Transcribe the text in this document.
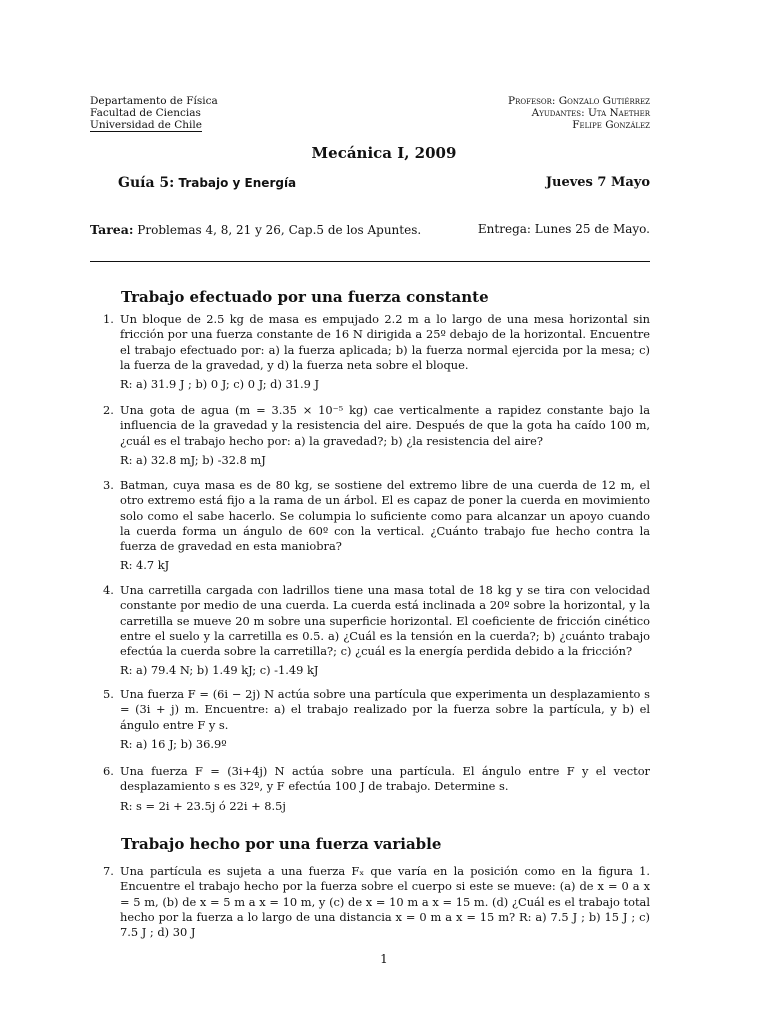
Departamento de Física
Facultad de Ciencias
Universidad de Chile
Profesor: Gonzalo Gutiérrez
Ayudantes: Uta Naether
Felipe González
Mecánica I, 2009
Guía 5: Trabajo y Energía	Jueves 7 Mayo
Tarea: Problemas 4, 8, 21 y 26, Cap.5 de los Apuntes.	Entrega: Lunes 25 de Mayo.
Trabajo efectuado por una fuerza constante
1. Un bloque de 2.5 kg de masa es empujado 2.2 m a lo largo de una mesa horizontal sin fricción por una fuerza constante de 16 N dirigida a 25º debajo de la horizontal. Encuentre el trabajo efectuado por: a) la fuerza aplicada; b) la fuerza normal ejercida por la mesa; c) la fuerza de la gravedad, y d) la fuerza neta sobre el bloque.
R: a) 31.9 J ; b) 0 J; c) 0 J; d) 31.9 J
2. Una gota de agua (m = 3.35 × 10⁻⁵ kg) cae verticalmente a rapidez constante bajo la influencia de la gravedad y la resistencia del aire. Después de que la gota ha caído 100 m, ¿cuál es el trabajo hecho por: a) la gravedad?; b) ¿la resistencia del aire?
R: a) 32.8 mJ; b) -32.8 mJ
3. Batman, cuya masa es de 80 kg, se sostiene del extremo libre de una cuerda de 12 m, el otro extremo está fijo a la rama de un árbol. El es capaz de poner la cuerda en movimiento solo como el sabe hacerlo. Se columpia lo suficiente como para alcanzar un apoyo cuando la cuerda forma un ángulo de 60º con la vertical. ¿Cuánto trabajo fue hecho contra la fuerza de gravedad en esta maniobra?
R: 4.7 kJ
4. Una carretilla cargada con ladrillos tiene una masa total de 18 kg y se tira con velocidad constante por medio de una cuerda. La cuerda está inclinada a 20º sobre la horizontal, y la carretilla se mueve 20 m sobre una superficie horizontal. El coeficiente de fricción cinético entre el suelo y la carretilla es 0.5. a) ¿Cuál es la tensión en la cuerda?; b) ¿cuánto trabajo efectúa la cuerda sobre la carretilla?; c) ¿cuál es la energía perdida debido a la fricción?
R: a) 79.4 N; b) 1.49 kJ; c) -1.49 kJ
5. Una fuerza F = (6i − 2j) N actúa sobre una partícula que experimenta un desplazamiento s = (3i + j) m. Encuentre: a) el trabajo realizado por la fuerza sobre la partícula, y b) el ángulo entre F y s.
R: a) 16 J; b) 36.9º
6. Una fuerza F = (3i+4j) N actúa sobre una partícula. El ángulo entre F y el vector desplazamiento s es 32º, y F efectúa 100 J de trabajo. Determine s.
R: s = 2i + 23.5j ó 22i + 8.5j
Trabajo hecho por una fuerza variable
7. Una partícula es sujeta a una fuerza Fₓ que varía en la posición como en la figura 1. Encuentre el trabajo hecho por la fuerza sobre el cuerpo si este se mueve: (a) de x = 0 a x = 5 m, (b) de x = 5 m a x = 10 m, y (c) de x = 10 m a x = 15 m. (d) ¿Cuál es el trabajo total hecho por la fuerza a lo largo de una distancia x = 0 m a x = 15 m? R: a) 7.5 J ; b) 15 J ; c) 7.5 J ; d) 30 J
1
